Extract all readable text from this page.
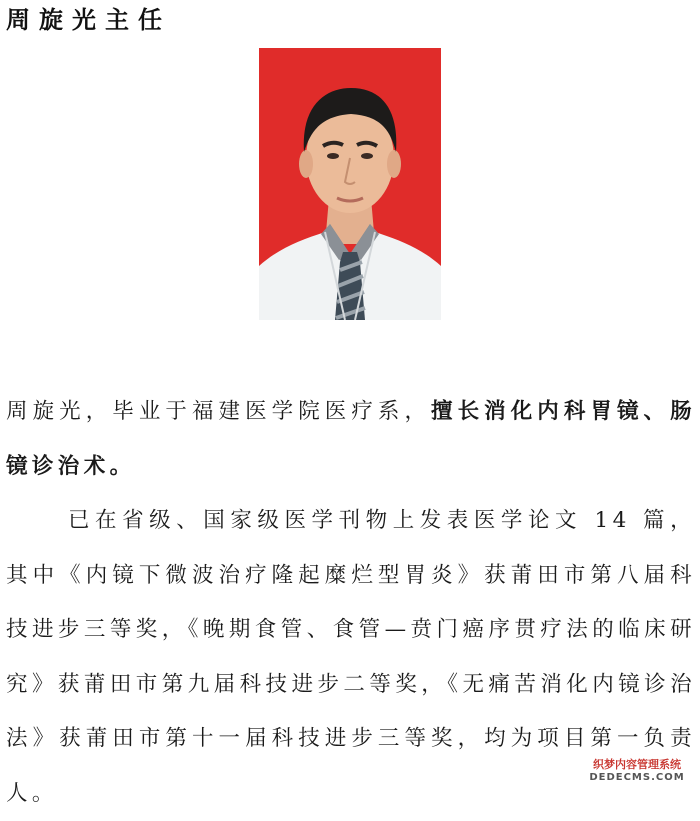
周旋光主任

周旋光，毕业于福建医学院医疗系，擅长消化内科胃镜、肠镜诊治术。

已在省级、国家级医学刊物上发表医学论文 14 篇，其中《内镜下微波治疗隆起糜烂型胃炎》获莆田市第八届科技进步三等奖，《晚期食管、食管—贲门癌序贯疗法的临床研究》获莆田市第九届科技进步二等奖，《无痛苦消化内镜诊治法》获莆田市第十一届科技进步三等奖，均为项目第一负责人。

织梦内容管理系统
DEDECMS.COM
